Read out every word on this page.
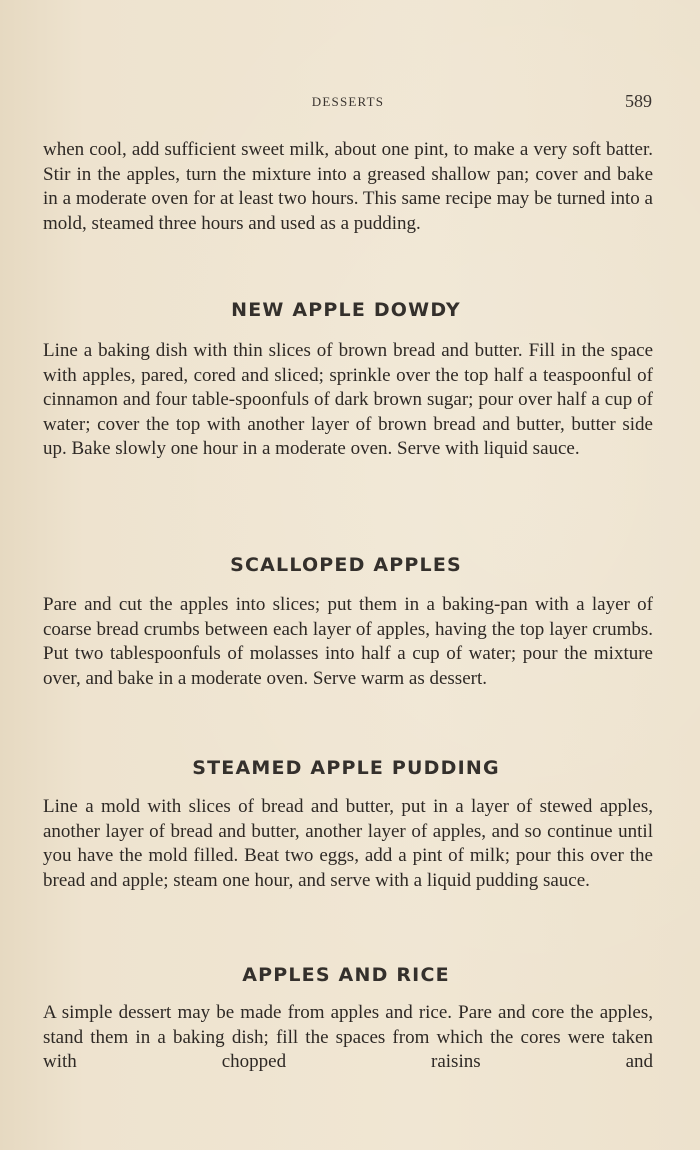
DESSERTS	589

when cool, add sufficient sweet milk, about one pint, to make a very soft batter. Stir in the apples, turn the mixture into a greased shallow pan; cover and bake in a moderate oven for at least two hours. This same recipe may be turned into a mold, steamed three hours and used as a pudding.

NEW APPLE DOWDY

Line a baking dish with thin slices of brown bread and butter. Fill in the space with apples, pared, cored and sliced; sprinkle over the top half a teaspoonful of cinnamon and four table-spoonfuls of dark brown sugar; pour over half a cup of water; cover the top with another layer of brown bread and butter, butter side up. Bake slowly one hour in a moderate oven. Serve with liquid sauce.

SCALLOPED APPLES

Pare and cut the apples into slices; put them in a baking-pan with a layer of coarse bread crumbs between each layer of apples, having the top layer crumbs. Put two tablespoonfuls of molasses into half a cup of water; pour the mixture over, and bake in a moderate oven. Serve warm as dessert.

STEAMED APPLE PUDDING

Line a mold with slices of bread and butter, put in a layer of stewed apples, another layer of bread and butter, another layer of apples, and so continue until you have the mold filled. Beat two eggs, add a pint of milk; pour this over the bread and apple; steam one hour, and serve with a liquid pudding sauce.

APPLES AND RICE

A simple dessert may be made from apples and rice. Pare and core the apples, stand them in a baking dish; fill the spaces from which the cores were taken with chopped raisins and
